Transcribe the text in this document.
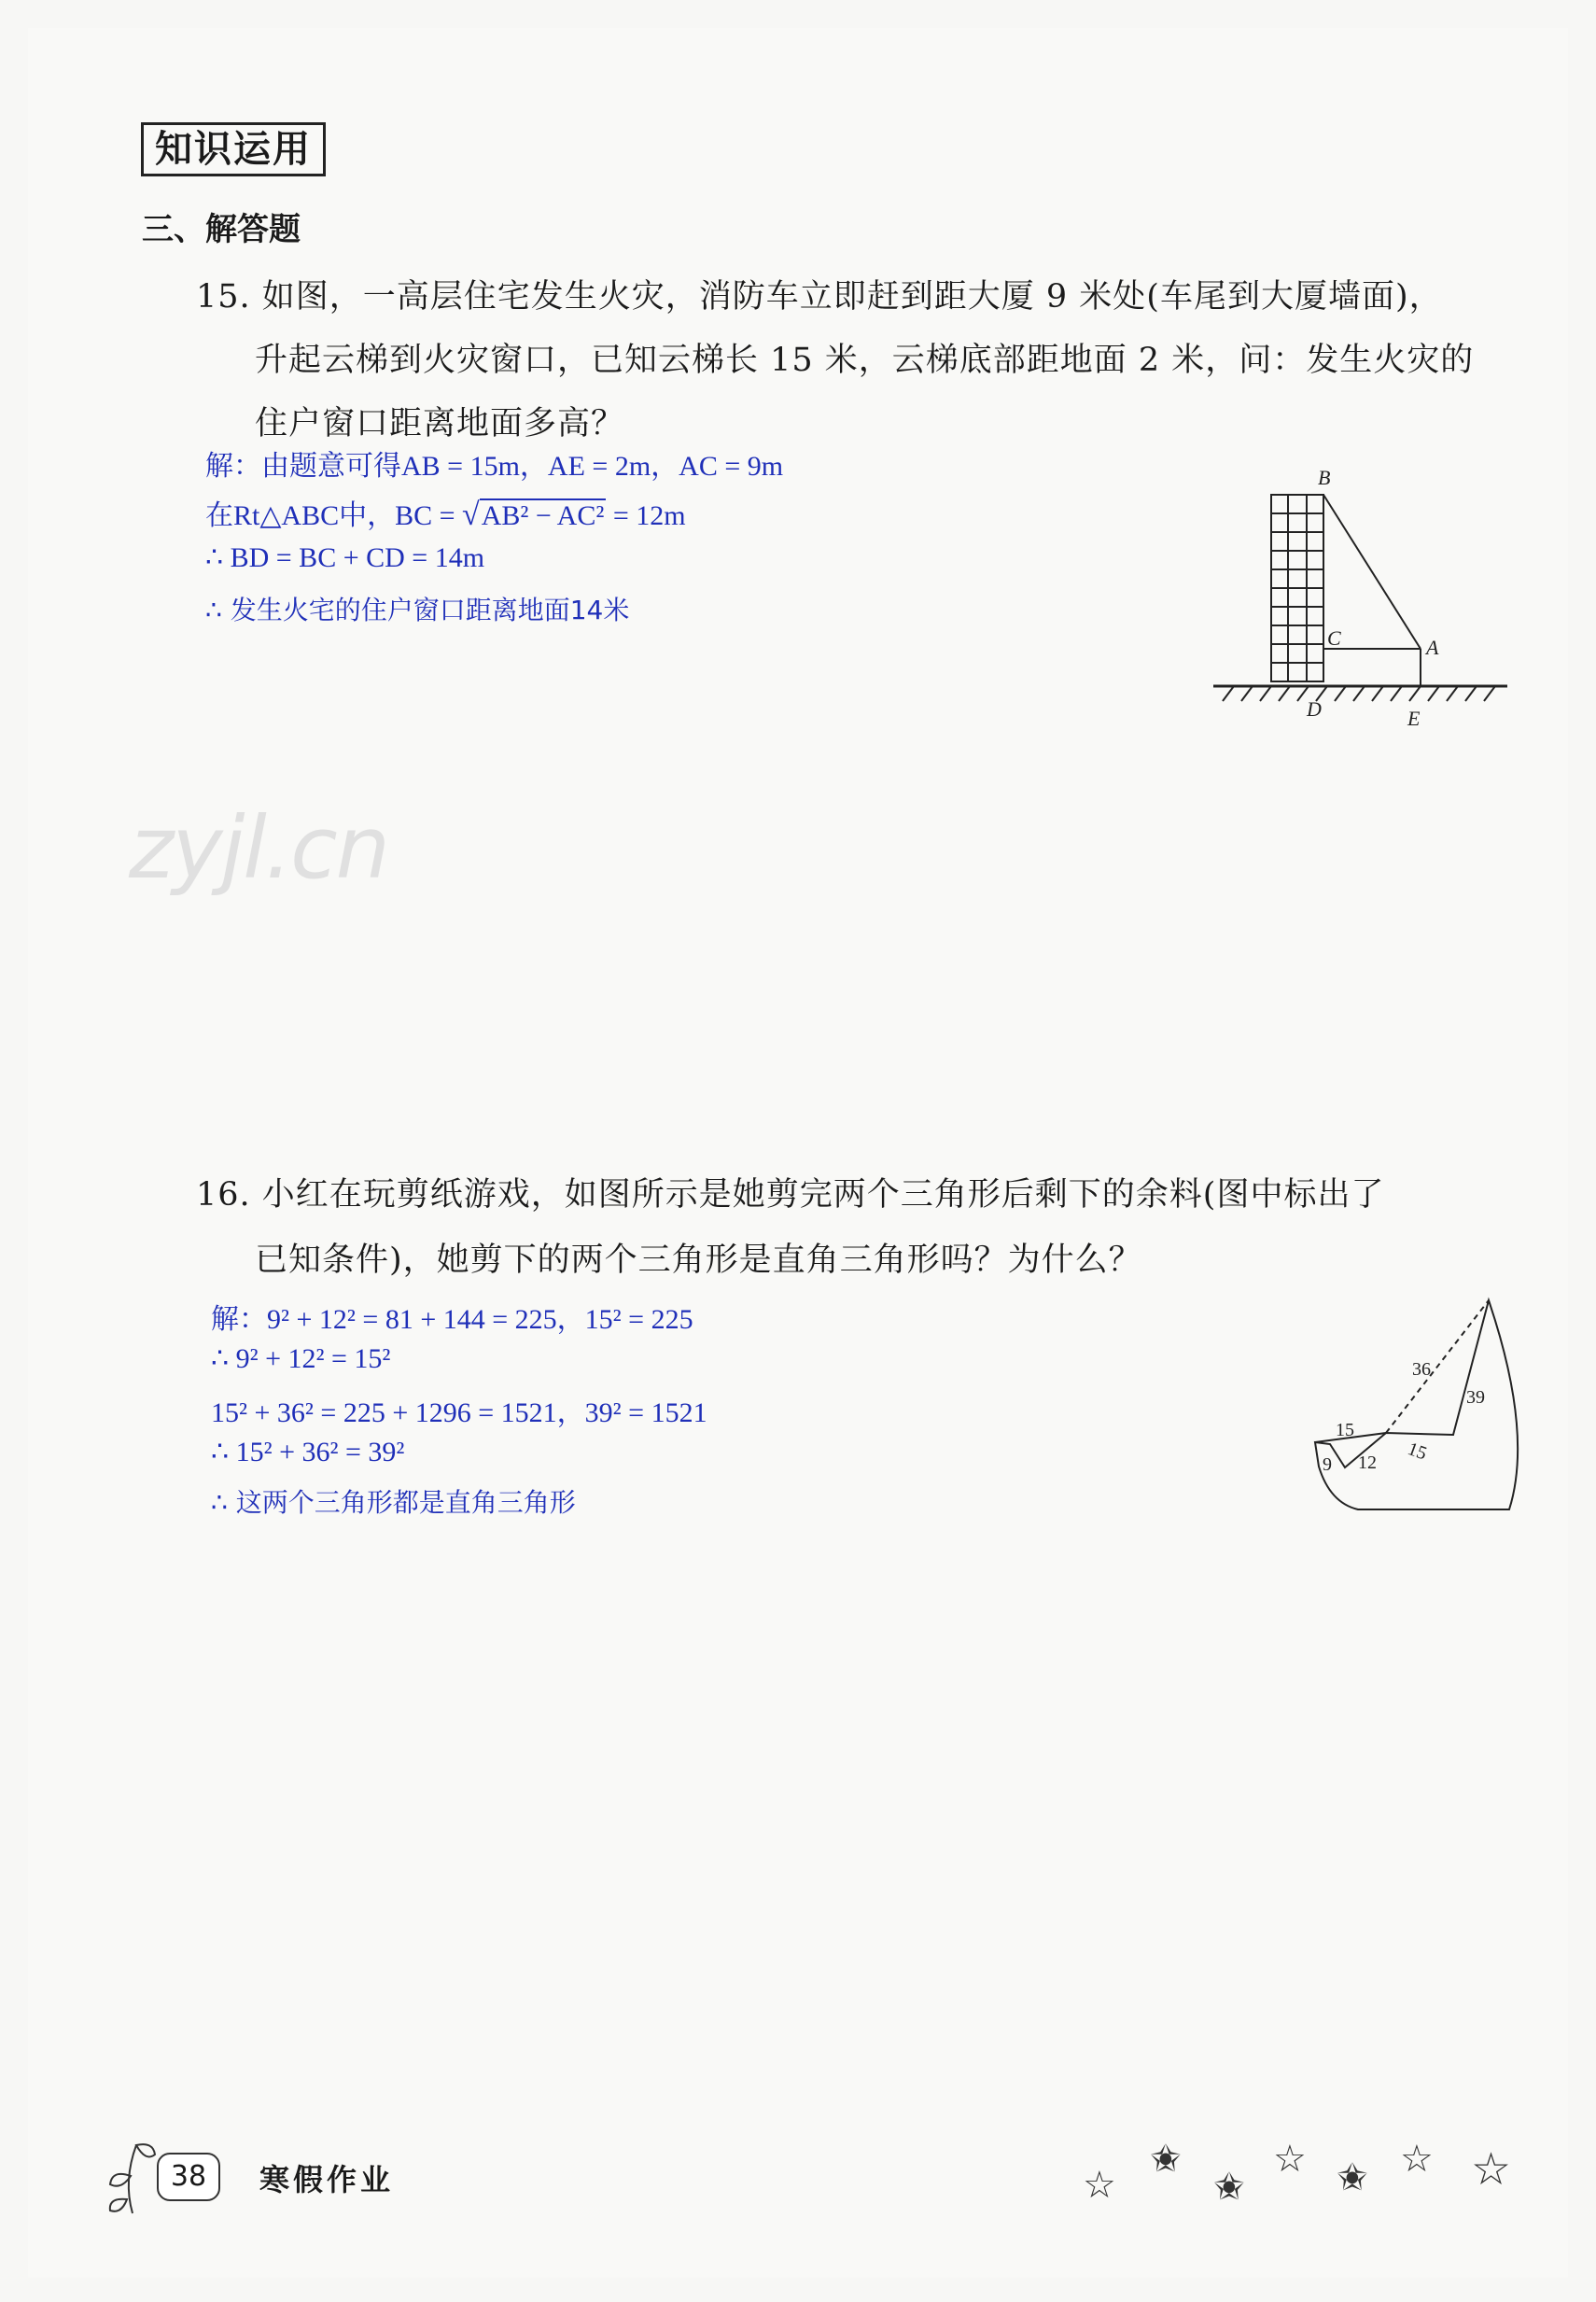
知识运用
三、解答题
15. 如图，一高层住宅发生火灾，消防车立即赶到距大厦 9 米处(车尾到大厦墙面)，
升起云梯到火灾窗口，已知云梯长 15 米，云梯底部距地面 2 米，问：发生火灾的
住户窗口距离地面多高？
解：由题意可得AB = 15m，AE = 2m，AC = 9m
在Rt△ABC中，BC = √AB² − AC² = 12m
∴ BD = BC + CD = 14m
∴ 发生火宅的住户窗口距离地面14米
B
C	A
D	E
zyjl.cn
16. 小红在玩剪纸游戏，如图所示是她剪完两个三角形后剩下的余料(图中标出了
已知条件)，她剪下的两个三角形是直角三角形吗？为什么？
解：9² + 12² = 81 + 144 = 225，15² = 225
∴ 9² + 12² = 15²
15² + 36² = 225 + 1296 = 1521，39² = 1521
∴ 15² + 36² = 39²
∴ 这两个三角形都是直角三角形
15
9 12 15
36
39
38	寒假作业	☆
✬
✬
☆ ✬ ☆ ☆
